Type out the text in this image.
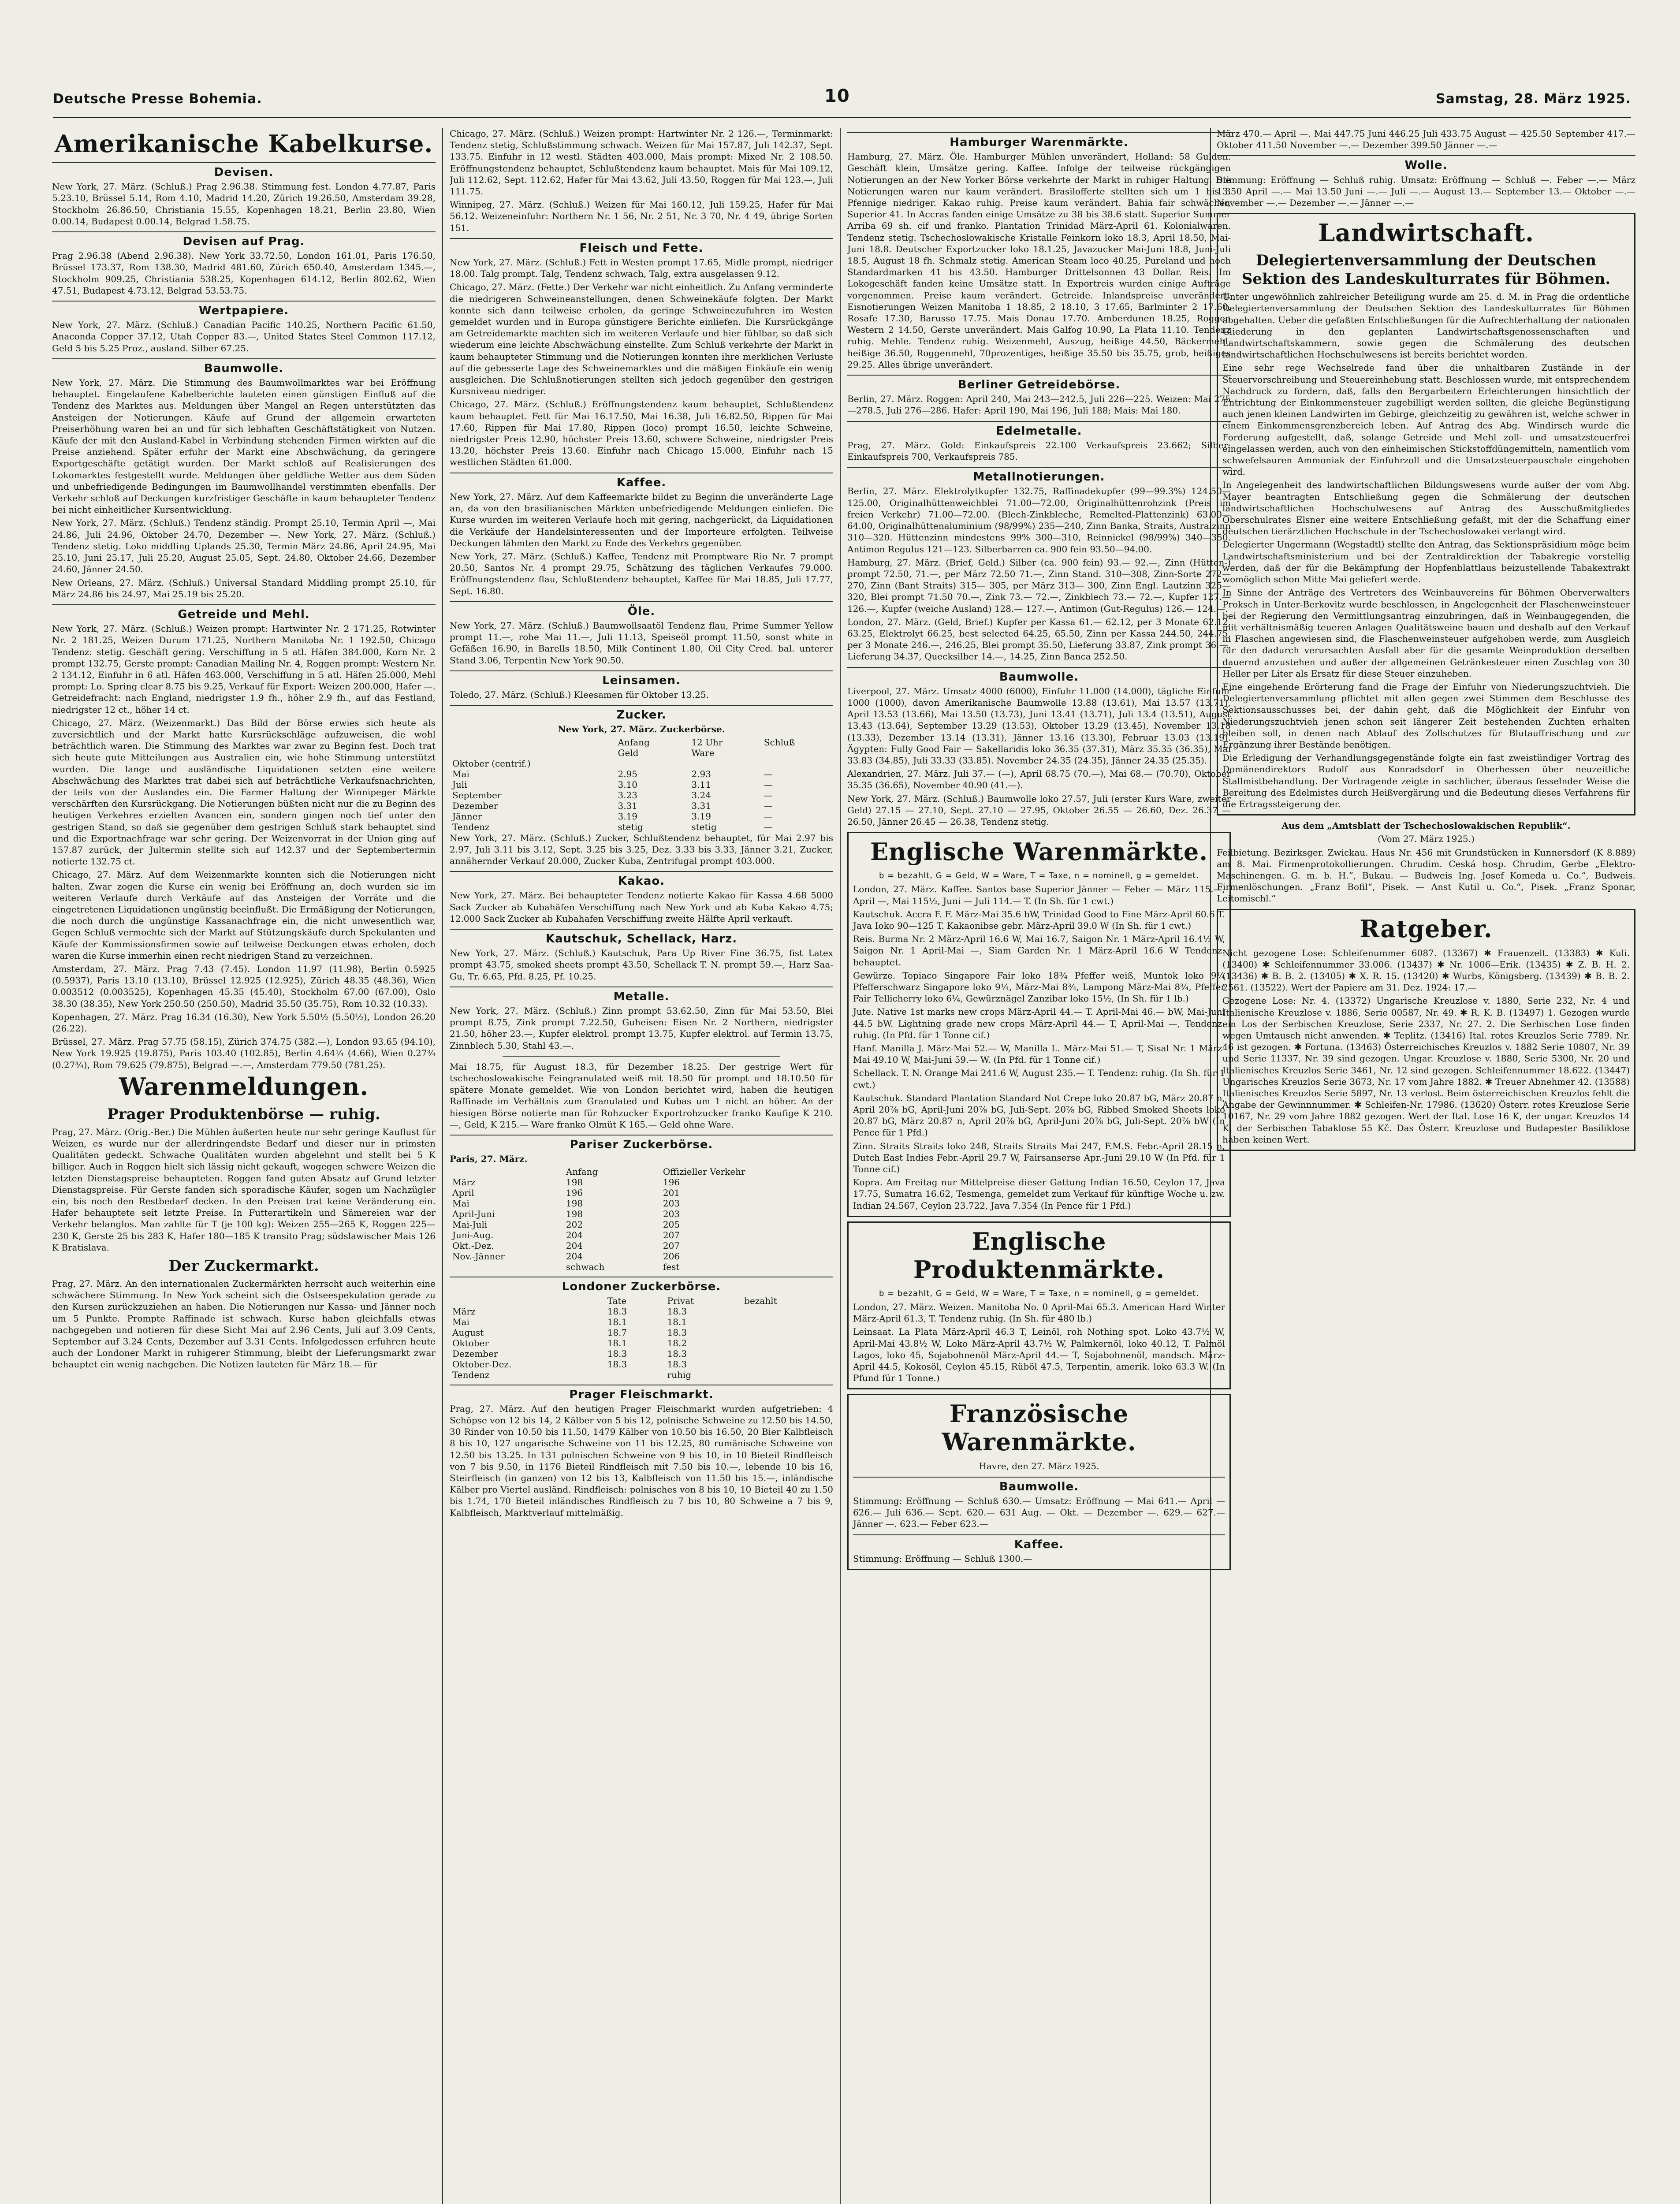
Deutsche Presse Bohemia.	10	Samstag, 28. März 1925.
Amerikanische Kabelkurse.
Devisen.

New York, 27. März. (Schluß.) Prag 2.96.38. Stimmung fest. London 4.77.87, Paris 5.23.10, Brüssel 5.14, Rom 4.10, Madrid 14.20, Zürich 19.26.50, Amsterdam 39.28, Stockholm 26.86.50, Christiania 15.55, Kopenhagen 18.21, Berlin 23.80, Wien 0.00.14, Budapest 0.00.14, Belgrad 1.58.75.

Devisen auf Prag.

Prag 2.96.38 (Abend 2.96.38). New York 33.72.50, London 161.01, Paris 176.50, Brüssel 173.37, Rom 138.30, Madrid 481.60, Zürich 650.40, Amsterdam 1345.—, Stockholm 909.25, Christiania 538.25, Kopenhagen 614.12, Berlin 802.62, Wien 47.51, Budapest 4.73.12, Belgrad 53.53.75.

Wertpapiere.

New York, 27. März. (Schluß.) Canadian Pacific 140.25, Northern Pacific 61.50, Anaconda Copper 37.12, Utah Copper 83.—, United States Steel Common 117.12, Geld 5 bis 5.25 Proz., ausland. Silber 67.25.

Baumwolle.

New York, 27. März. Die Stimmung des Baumwollmarktes war bei Eröffnung behauptet. Eingelaufene Kabelberichte lauteten einen günstigen Einfluß auf die Tendenz des Marktes aus. Meldungen über Mangel an Regen unterstützten das Ansteigen der Notierungen. Käufe auf Grund der allgemein erwarteten Preiserhöhung waren bei an und für sich lebhaften Geschäftstätigkeit von Nutzen. Käufe der mit den Ausland-Kabel in Verbindung stehenden Firmen wirkten auf die Preise anziehend. Später erfuhr der Markt eine Abschwächung, da geringere Exportgeschäfte getätigt wurden. Der Markt schloß auf Realisierungen des Lokomarktes festgestellt wurde. Meldungen über geldliche Wetter aus dem Süden und unbefriedigende Bedingungen im Baumwollhandel verstimmten ebenfalls. Der Verkehr schloß auf Deckungen kurzfristiger Geschäfte in kaum behaupteter Tendenz bei nicht einheitlicher Kursentwicklung.

New York, 27. März. (Schluß.) Tendenz ständig. Prompt 25.10, Termin April —, Mai 24.86, Juli 24.96, Oktober 24.70, Dezember —. New York, 27. März. (Schluß.) Tendenz stetig. Loko middling Uplands 25.30, Termin März 24.86, April 24.95, Mai 25.10, Juni 25.17, Juli 25.20, August 25.05, Sept. 24.80, Oktober 24.66, Dezember 24.60, Jänner 24.50.

New Orleans, 27. März. (Schluß.) Universal Standard Middling prompt 25.10, für März 24.86 bis 24.97, Mai 25.19 bis 25.20.

Getreide und Mehl.

New York, 27. März. (Schluß.) Weizen prompt: Hartwinter Nr. 2 171.25, Rotwinter Nr. 2 181.25, Weizen Durum 171.25, Northern Manitoba Nr. 1 192.50, Chicago Tendenz: stetig. Geschäft gering. Verschiffung in 5 atl. Häfen 384.000, Korn Nr. 2 prompt 132.75, Gerste prompt: Canadian Mailing Nr. 4, Roggen prompt: Western Nr. 2 134.12, Einfuhr in 6 atl. Häfen 463.000, Verschiffung in 5 atl. Häfen 25.000, Mehl prompt: Lo. Spring clear 8.75 bis 9.25, Verkauf für Export: Weizen 200.000, Hafer —. Getreidefracht: nach England, niedrigster 1.9 fh., höher 2.9 fh., auf das Festland, niedrigster 12 ct., höher 14 ct.

Chicago, 27. März. (Weizenmarkt.) Das Bild der Börse erwies sich heute als zuversichtlich und der Markt hatte Kursrückschläge aufzuweisen, die wohl beträchtlich waren. Die Stimmung des Marktes war zwar zu Beginn fest. Doch trat sich heute gute Mitteilungen aus Australien ein, wie hohe Stimmung unterstützt wurden. Die lange und ausländische Liquidationen setzten eine weitere Abschwächung des Marktes trat dabei sich auf beträchtliche Verkaufsnachrichten, der teils von der Auslandes ein. Die Farmer Haltung der Winnipeger Märkte verschärften den Kursrückgang. Die Notierungen büßten nicht nur die zu Beginn des heutigen Verkehres erzielten Avancen ein, sondern gingen noch tief unter den gestrigen Stand, so daß sie gegenüber dem gestrigen Schluß stark behauptet sind und die Exportnachfrage war sehr gering. Der Weizenvorrat in der Union ging auf 157.87 zurück, der Jultermin stellte sich auf 142.37 und der Septembertermin notierte 132.75 ct.

Chicago, 27. März. Auf dem Weizenmarkte konnten sich die Notierungen nicht halten. Zwar zogen die Kurse ein wenig bei Eröffnung an, doch wurden sie im weiteren Verlaufe durch Verkäufe auf das Ansteigen der Vorräte und die eingetretenen Liquidationen ungünstig beeinflußt. Die Ermäßigung der Notierungen, die noch durch die ungünstige Kassanachfrage ein, die nicht unwesentlich war, Gegen Schluß vermochte sich der Markt auf Stützungskäufe durch Spekulanten und Käufe der Kommissionsfirmen sowie auf teilweise Deckungen etwas erholen, doch waren die Kurse immerhin einen recht niedrigen Stand zu verzeichnen.

Amsterdam, 27. März. Prag 7.43 (7.45). London 11.97 (11.98), Berlin 0.5925 (0.5937), Paris 13.10 (13.10), Brüssel 12.925 (12.925), Zürich 48.35 (48.36), Wien 0.003512 (0.003525), Kopenhagen 45.35 (45.40), Stockholm 67.00 (67.00), Oslo 38.30 (38.35), New York 250.50 (250.50), Madrid 35.50 (35.75), Rom 10.32 (10.33).

Kopenhagen, 27. März. Prag 16.34 (16.30), New York 5.50½ (5.50½), London 26.20 (26.22).

Brüssel, 27. März. Prag 57.75 (58.15), Zürich 374.75 (382.—), London 93.65 (94.10), New York 19.925 (19.875), Paris 103.40 (102.85), Berlin 4.64¼ (4.66), Wien 0.27¾ (0.27¾), Rom 79.625 (79.875), Belgrad —.—, Amsterdam 779.50 (781.25).

Warenmeldungen.
Prager Produktenbörse — ruhig.

Prag, 27. März. (Orig.-Ber.) Die Mühlen äußerten heute nur sehr geringe Kauflust für Weizen, es wurde nur der allerdringendste Bedarf und dieser nur in primsten Qualitäten gedeckt. Schwache Qualitäten wurden abgelehnt und stellt bei 5 K billiger. Auch in Roggen hielt sich lässig nicht gekauft, wogegen schwere Weizen die letzten Dienstagspreise behaupteten. Roggen fand guten Absatz auf Grund letzter Dienstagspreise. Für Gerste fanden sich sporadische Käufer, sogen um Nachzügler ein, bis noch den Restbedarf decken. In den Preisen trat keine Veränderung ein. Hafer behauptete seit letzte Preise. In Futterartikeln und Sämereien war der Verkehr belanglos. Man zahlte für T (je 100 kg): Weizen 255—265 K, Roggen 225—230 K, Gerste 25 bis 283 K, Hafer 180—185 K transito Prag; südslawischer Mais 126 K Bratislava.

Der Zuckermarkt.

Prag, 27. März. An den internationalen Zuckermärkten herrscht auch weiterhin eine schwächere Stimmung. In New York scheint sich die Ostseespekulation gerade zu den Kursen zurückzuziehen an haben. Die Notierungen nur Kassa- und Jänner noch um 5 Punkte. Prompte Raffinade ist schwach. Kurse haben gleichfalls etwas nachgegeben und notieren für diese Sicht Mai auf 2.96 Cents, Juli auf 3.09 Cents, September auf 3.24 Cents, Dezember auf 3.31 Cents. Infolgedessen erfuhren heute auch der Londoner Markt in ruhigerer Stimmung, bleibt der Lieferungsmarkt zwar behauptet ein wenig nachgeben. Die Notizen lauteten für März 18.— für

Chicago, 27. März. (Schluß.) Weizen prompt: Hartwinter Nr. 2 126.—, Terminmarkt: Tendenz stetig, Schlußstimmung schwach. Weizen für Mai 157.87, Juli 142.37, Sept. 133.75. Einfuhr in 12 westl. Städten 403.000, Mais prompt: Mixed Nr. 2 108.50. Eröffnungstendenz behauptet, Schlußtendenz kaum behauptet. Mais für Mai 109.12, Juli 112.62, Sept. 112.62, Hafer für Mai 43.62, Juli 43.50, Roggen für Mai 123.—, Juli 111.75.

Winnipeg, 27. März. (Schluß.) Weizen für Mai 160.12, Juli 159.25, Hafer für Mai 56.12. Weizeneinfuhr: Northern Nr. 1 56, Nr. 2 51, Nr. 3 70, Nr. 4 49, übrige Sorten 151.

Fleisch und Fette.

New York, 27. März. (Schluß.) Fett in Westen prompt 17.65, Midle prompt, niedriger 18.00. Talg prompt. Talg, Tendenz schwach, Talg, extra ausgelassen 9.12.

Chicago, 27. März. (Fette.) Der Verkehr war nicht einheitlich. Zu Anfang verminderte die niedrigeren Schweineanstellungen, denen Schweinekäufe folgten. Der Markt konnte sich dann teilweise erholen, da geringe Schweinezufuhren im Westen gemeldet wurden und in Europa günstigere Berichte einliefen. Die Kursrückgänge am Getreidemarkte machten sich im weiteren Verlaufe und hier fühlbar, so daß sich wiederum eine leichte Abschwächung einstellte. Zum Schluß verkehrte der Markt in kaum behaupteter Stimmung und die Notierungen konnten ihre merklichen Verluste auf die gebesserte Lage des Schweinemarktes und die mäßigen Einkäufe ein wenig ausgleichen. Die Schlußnotierungen stellten sich jedoch gegenüber den gestrigen Kursniveau niedriger.

Chicago, 27. März. (Schluß.) Eröffnungstendenz kaum behauptet, Schlußtendenz kaum behauptet. Fett für Mai 16.17.50, Mai 16.38, Juli 16.82.50, Rippen für Mai 17.60, Rippen für Mai 17.80, Rippen (loco) prompt 16.50, leichte Schweine, niedrigster Preis 12.90, höchster Preis 13.60, schwere Schweine, niedrigster Preis 13.20, höchster Preis 13.60. Einfuhr nach Chicago 15.000, Einfuhr nach 15 westlichen Städten 61.000.

Kaffee.

New York, 27. März. Auf dem Kaffeemarkte bildet zu Beginn die unveränderte Lage an, da von den brasilianischen Märkten unbefriedigende Meldungen einliefen. Die Kurse wurden im weiteren Verlaufe hoch mit gering, nachgerückt, da Liquidationen die Verkäufe der Handelsinteressenten und der Importeure erfolgten. Teilweise Deckungen lähmten den Markt zu Ende des Verkehrs gegenüber.

New York, 27. März. (Schluß.) Kaffee, Tendenz mit Promptware Rio Nr. 7 prompt 20.50, Santos Nr. 4 prompt 29.75, Schätzung des täglichen Verkaufes 79.000. Eröffnungstendenz flau, Schlußtendenz behauptet, Kaffee für Mai 18.85, Juli 17.77, Sept. 16.80.

Öle.

New York, 27. März. (Schluß.) Baumwollsaatöl Tendenz flau, Prime Summer Yellow prompt 11.—, rohe Mai 11.—, Juli 11.13, Speiseöl prompt 11.50, sonst white in Gefäßen 16.90, in Barells 18.50, Milk Continent 1.80, Oil City Cred. bal. unterer Stand 3.06, Terpentin New York 90.50.

Leinsamen.

Toledo, 27. März. (Schluß.) Kleesamen für Oktober 13.25.

Zucker.

New York, 27. März. Zuckerbörse.

	Anfang	12 Uhr	Schluß
	Geld	Ware	
Oktober (centrif.)			
Mai	2.95	2.93	—
Juli	3.10	3.11	—
September	3.23	3.24	—
Dezember	3.31	3.31	—
Jänner	3.19	3.19	—
Tendenz	stetig	stetig	—

New York, 27. März. (Schluß.) Zucker, Schlußtendenz behauptet, für Mai 2.97 bis 2.97, Juli 3.11 bis 3.12, Sept. 3.25 bis 3.25, Dez. 3.33 bis 3.33, Jänner 3.21, Zucker, annähernder Verkauf 20.000, Zucker Kuba, Zentrifugal prompt 403.000.

Kakao.

New York, 27. März. Bei behaupteter Tendenz notierte Kakao für Kassa 4.68 5000 Sack Zucker ab Kubahäfen Verschiffung nach New York und ab Kuba Kakao 4.75; 12.000 Sack Zucker ab Kubahafen Verschiffung zweite Hälfte April verkauft.

Kautschuk, Schellack, Harz.

New York, 27. März. (Schluß.) Kautschuk, Para Up River Fine 36.75, fist Latex prompt 43.75, smoked sheets prompt 43.50, Schellack T. N. prompt 59.—, Harz Saa-Gu, Tr. 6.65, Pfd. 8.25, Pf. 10.25.

Metalle.

New York, 27. März. (Schluß.) Zinn prompt 53.62.50, Zinn für Mai 53.50, Blei prompt 8.75, Zink prompt 7.22.50, Guheisen: Eisen Nr. 2 Northern, niedrigster 21.50, höher 23.—, Kupfer elektrol. prompt 13.75, Kupfer elektrol. auf Termin 13.75, Zinnblech 5.30, Stahl 43.—.

Mai 18.75, für August 18.3, für Dezember 18.25. Der gestrige Wert für tschechoslowakische Feingranulated weiß mit 18.50 für prompt und 18.10.50 für spätere Monate gemeldet. Wie von London berichtet wird, haben die heutigen Raffinade im Verhältnis zum Granulated und Kubas um 1 nicht an höher. An der hiesigen Börse notierte man für Rohzucker Exportrohzucker franko Kaufige K 210.—, Geld, K 215.— Ware franko Olmüt K 165.— Geld ohne Ware.

Pariser Zuckerbörse.

Paris, 27. März.

	Anfang		Offizieller Verkehr
März	198		196
April	196		201
Mai	198		203
April-Juni	198		203
Mai-Juli	202		205
Juni-Aug.	204		207
Okt.-Dez.	204		207
Nov.-Jänner	204		206
	schwach		fest
Londoner Zuckerbörse.
	Tate	Privat	bezahlt
März	18.3	18.3	
Mai	18.1	18.1	
August	18.7	18.3	
Oktober	18.1	18.2	
Dezember	18.3	18.3	
Oktober-Dez.	18.3	18.3	
Tendenz		ruhig	
Prager Fleischmarkt.

Prag, 27. März. Auf den heutigen Prager Fleischmarkt wurden aufgetrieben: 4 Schöpse von 12 bis 14, 2 Kälber von 5 bis 12, polnische Schweine zu 12.50 bis 14.50, 30 Rinder von 10.50 bis 11.50, 1479 Kälber von 10.50 bis 16.50, 20 Bier Kalbfleisch 8 bis 10, 127 ungarische Schweine von 11 bis 12.25, 80 rumänische Schweine von 12.50 bis 13.25. In 131 polnischen Schweine von 9 bis 10, in 10 Bieteil Rindfleisch von 7 bis 9.50, in 1176 Bieteil Rindfleisch mit 7.50 bis 10.—, lebende 10 bis 16, Steirfleisch (in ganzen) von 12 bis 13, Kalbfleisch von 11.50 bis 15.—, inländische Kälber pro Viertel ausländ. Rindfleisch: polnisches von 8 bis 10, 10 Bieteil 40 zu 1.50 bis 1.74, 170 Bieteil inländisches Rindfleisch zu 7 bis 10, 80 Schweine a 7 bis 9, Kalbfleisch, Marktverlauf mittelmäßig.

Hamburger Warenmärkte.

Hamburg, 27. März. Öle. Hamburger Mühlen unverändert, Holland: 58 Gulden. Geschäft klein, Umsätze gering. Kaffee. Infolge der teilweise rückgängigen Notierungen an der New Yorker Börse verkehrte der Markt in ruhiger Haltung. Die Notierungen waren nur kaum verändert. Brasilofferte stellten sich um 1 bis 3 Pfennige niedriger. Kakao ruhig. Preise kaum verändert. Bahia fair schwächer, Superior 41. In Accras fanden einige Umsätze zu 38 bis 38.6 statt. Superior Summer Arriba 69 sh. cif und franko. Plantation Trinidad März-April 61. Kolonialwaren. Tendenz stetig. Tschechoslowakische Kristalle Feinkorn loko 18.3, April 18.50, Mai-Juni 18.8. Deutscher Exportzucker loko 18.1.25, Javazucker Mai-Juni 18.8, Juni-Juli 18.5, August 18 fh. Schmalz stetig. American Steam loco 40.25, Pureland und hoch Standardmarken 41 bis 43.50. Hamburger Drittelsonnen 43 Dollar. Reis. Im Lokogeschäft fanden keine Umsätze statt. In Exportreis wurden einige Aufträge vorgenommen. Preise kaum verändert. Getreide. Inlandspreise unverändert. Eisnotierungen Weizen Manitoba 1 18.85, 2 18.10, 3 17.65, Barlminter 2 17.60, Rosafe 17.30, Barusso 17.75. Mais Donau 17.70. Amberdunen 18.25, Roggen Western 2 14.50, Gerste unverändert. Mais Galfog 10.90, La Plata 11.10. Tendenz ruhig. Mehle. Tendenz ruhig. Weizenmehl, Auszug, heißige 44.50, Bäckermehl, heißige 36.50, Roggenmehl, 70prozentiges, heißige 35.50 bis 35.75, grob, heißiges 29.25. Alles übrige unverändert.

Berliner Getreidebörse.

Berlin, 27. März. Roggen: April 240, Mai 243—242.5, Juli 226—225. Weizen: Mai 275—278.5, Juli 276—286. Hafer: April 190, Mai 196, Juli 188; Mais: Mai 180.

Edelmetalle.

Prag, 27. März. Gold: Einkaufspreis 22.100 Verkaufspreis 23.662; Silber: Einkaufspreis 700, Verkaufspreis 785.

Metallnotierungen.

Berlin, 27. März. Elektrolytkupfer 132.75, Raffinadekupfer (99—99.3%) 124.50—125.00, Originalhüttenweichblei 71.00—72.00, Originalhüttenrohzink (Preis im freien Verkehr) 71.00—72.00. (Blech-Zinkbleche, Remelted-Plattenzink) 63.00—64.00, Originalhüttenaluminium (98/99%) 235—240, Zinn Banka, Straits, Australzinn 310—320. Hüttenzinn mindestens 99% 300—310, Reinnickel (98/99%) 340—350. Antimon Regulus 121—123. Silberbarren ca. 900 fein 93.50—94.00.

Hamburg, 27. März. (Brief, Geld.) Silber (ca. 900 fein) 93.— 92.—, Zinn (Hütten-) prompt 72.50, 71.—, per März 72.50 71.—, Zinn Stand. 310—308, Zinn-Sorte 272—270, Zinn (Bant Straits) 315— 305, per März 313— 300, Zinn Engl. Lautzinn 325— 320, Blei prompt 71.50 70.—, Zink 73.— 72.—, Zinkblech 73.— 72.—, Kupfer 127.— 126.—, Kupfer (weiche Ausland) 128.— 127.—, Antimon (Gut-Regulus) 126.— 124.—.

London, 27. März. (Geld, Brief.) Kupfer per Kassa 61.— 62.12, per 3 Monate 62.12, 63.25, Elektrolyt 66.25, best selected 64.25, 65.50, Zinn per Kassa 244.50, 244.75, per 3 Monate 246.—, 246.25, Blei prompt 35.50, Lieferung 33.87, Zink prompt 36.—, Lieferung 34.37, Quecksilber 14.—, 14.25, Zinn Banca 252.50.

Baumwolle.

Liverpool, 27. März. Umsatz 4000 (6000), Einfuhr 11.000 (14.000), tägliche Einfuhr 1000 (1000), davon Amerikanische Baumwolle 13.88 (13.61), Mai 13.57 (13.71), April 13.53 (13.66), Mai 13.50 (13.73), Juni 13.41 (13.71), Juli 13.4 (13.51), August 13.43 (13.64), September 13.29 (13.53), Oktober 13.29 (13.45), November 13.18 (13.33), Dezember 13.14 (13.31), Jänner 13.16 (13.30), Februar 13.03 (13.19). Ägypten: Fully Good Fair — Sakellaridis loko 36.35 (37.31), März 35.35 (36.35), Mai 33.83 (34.85), Juli 33.33 (33.85). November 24.35 (24.35), Jänner 24.35 (25.35).

Alexandrien, 27. März. Juli 37.— (—), April 68.75 (70.—), Mai 68.— (70.70), Oktober 35.35 (36.65), November 40.90 (41.—).

New York, 27. März. (Schluß.) Baumwolle loko 27.57, Juli (erster Kurs Ware, zweiter Geld) 27.15 — 27.10, Sept. 27.10 — 27.95, Oktober 26.55 — 26.60, Dez. 26.37 — 26.50, Jänner 26.45 — 26.38, Tendenz stetig.

Englische Warenmärkte.

b = bezahlt, G = Geld, W = Ware, T = Taxe, n = nominell, g = gemeldet.

London, 27. März. Kaffee. Santos base Superior Jänner — Feber — März 115.—, April —, Mai 115½, Juni — Juli 114.— T. (In Sh. für 1 cwt.)

Kautschuk. Accra F. F. März-Mai 35.6 bW, Trinidad Good to Fine März-April 60.6 T. Java Ioko 90—125 T. Kakaonibse gebr. März-April 39.0 W (In Sh. für 1 cwt.)

Reis. Burma Nr. 2 März-April 16.6 W, Mai 16.7, Saigon Nr. 1 März-April 16.4½ W, Saigon Nr. 1 April-Mai —, Siam Garden Nr. 1 März-April 16.6 W Tendenz: behauptet.

Gewürze. Topiaco Singapore Fair loko 18¾ Pfeffer weiß, Muntok loko 9¼ Pfefferschwarz Singapore loko 9¼, März-Mai 8¾, Lampong März-Mai 8¾, Pfeffer Fair Tellicherry loko 6¼, Gewürznägel Zanzibar loko 15½, (In Sh. für 1 lb.)

Jute. Native 1st marks new crops März-April 44.— T. April-Mai 46.— bW, Mai-Juni 44.5 bW. Lightning grade new crops März-April 44.— T, April-Mai —, Tendenz: ruhig. (In Pfd. für 1 Tonne cif.)

Hanf. Manilla J. März-Mai 52.— W, Manilla L. März-Mai 51.— T, Sisal Nr. 1 März-Mai 49.10 W, Mai-Juni 59.— W. (In Pfd. für 1 Tonne cif.)

Schellack. T. N. Orange Mai 241.6 W, August 235.— T. Tendenz: ruhig. (In Sh. für 1 cwt.)

Kautschuk. Standard Plantation Standard Not Crepe loko 20.87 bG, März 20.87 n, April 20⅞ bG, April-Juni 20⅞ bG, Juli-Sept. 20⅞ bG, Ribbed Smoked Sheets loko 20.87 bG, März 20.87 n, April 20⅞ bG, April-Juni 20⅞ bG, Juli-Sept. 20⅞ bW (In Pence für 1 Pfd.)

Zinn. Straits Straits loko 248, Straits Straits Mai 247, F.M.S. Febr.-April 28.15 n, Dutch East Indies Febr.-April 29.7 W, Fairsanserse Apr.-Juni 29.10 W (In Pfd. für 1 Tonne cif.)

Kopra. Am Freitag nur Mittelpreise dieser Gattung Indian 16.50, Ceylon 17, Java 17.75, Sumatra 16.62, Tesmenga, gemeldet zum Verkauf für künftige Woche u. zw. Indian 24.567, Ceylon 23.722, Java 7.354 (In Pence für 1 Pfd.)

Englische Produktenmärkte.

b = bezahlt, G = Geld, W = Ware, T = Taxe, n = nominell, g = gemeldet.

London, 27. März. Weizen. Manitoba No. 0 April-Mai 65.3. American Hard Winter März-April 61.3, T. Tendenz ruhig. (In Sh. für 480 lb.)

Leinsaat. La Plata März-April 46.3 T, Leinöl, roh Nothing spot. Loko 43.7½ W, April-Mai 43.8½ W, Loko März-April 43.7½ W, Palmkernöl, loko 40.12, T. Palmöl Lagos, loko 45, Sojabohnenöl März-April 44.— T, Sojabohnenöl, mandsch. März-April 44.5, Kokosöl, Ceylon 45.15, Rüböl 47.5, Terpentin, amerik. loko 63.3 W. (In Pfund für 1 Tonne.)

Französische Warenmärkte.

Havre, den 27. März 1925.

Baumwolle.

Stimmung: Eröffnung — Schluß 630.— Umsatz: Eröffnung — Mai 641.— April — 626.— Juli 636.— Sept. 620.— 631 Aug. — Okt. — Dezember —. 629.— 627.— Jänner —. 623.— Feber 623.—

Kaffee.

Stimmung: Eröffnung — Schluß 1300.—

März 470.— April —. Mai 447.75 Juni 446.25 Juli 433.75 August — 425.50 September 417.— Oktober 411.50 November —.— Dezember 399.50 Jänner —.—

Wolle.

Stimmung: Eröffnung — Schluß ruhig. Umsatz: Eröffnung — Schluß —. Feber —.— März 13.50 April —.— Mai 13.50 Juni —.— Juli —.— August 13.— September 13.— Oktober —.— November —.— Dezember —.— Jänner —.—

Landwirtschaft.
Delegiertenversammlung der Deutschen Sektion des Landeskulturrates für Böhmen.

Unter ungewöhnlich zahlreicher Beteiligung wurde am 25. d. M. in Prag die ordentliche Delegiertenversammlung der Deutschen Sektion des Landeskulturrates für Böhmen abgehalten. Ueber die gefaßten Entschließungen für die Aufrechterhaltung der nationalen Gliederung in den geplanten Landwirtschaftsgenossenschaften und Landwirtschaftskammern, sowie gegen die Schmälerung des deutschen landwirtschaftlichen Hochschulwesens ist bereits berichtet worden.

Eine sehr rege Wechselrede fand über die unhaltbaren Zustände in der Steuervorschreibung und Steuereinhebung statt. Beschlossen wurde, mit entsprechendem Nachdruck zu fordern, daß, falls den Bergarbeitern Erleichterungen hinsichtlich der Entrichtung der Einkommensteuer zugebilligt werden sollten, die gleiche Begünstigung auch jenen kleinen Landwirten im Gebirge, gleichzeitig zu gewähren ist, welche schwer in einem Einkommensgrenzbereich leben. Auf Antrag des Abg. Windirsch wurde die Forderung aufgestellt, daß, solange Getreide und Mehl zoll- und umsatzsteuerfrei eingelassen werden, auch von den einheimischen Stickstoffdüngemitteln, namentlich vom schwefelsauren Ammoniak der Einfuhrzoll und die Umsatzsteuerpauschale eingehoben wird.

In Angelegenheit des landwirtschaftlichen Bildungswesens wurde außer der vom Abg. Mayer beantragten Entschließung gegen die Schmälerung der deutschen landwirtschaftlichen Hochschulwesens auf Antrag des Ausschußmitgliedes Oberschulrates Elsner eine weitere Entschließung gefaßt, mit der die Schaffung einer deutschen tierärztlichen Hochschule in der Tschechoslowakei verlangt wird.

Delegierter Ungermann (Wegstadtl) stellte den Antrag, das Sektionspräsidium möge beim Landwirtschaftsministerium und bei der Zentraldirektion der Tabakregie vorstellig werden, daß der für die Bekämpfung der Hopfenblattlaus beizustellende Tabakextrakt womöglich schon Mitte Mai geliefert werde.

In Sinne der Anträge des Vertreters des Weinbauvereins für Böhmen Oberverwalters Proksch in Unter-Berkovitz wurde beschlossen, in Angelegenheit der Flaschenweinsteuer bei der Regierung den Vermittlungsantrag einzubringen, daß in Weinbaugegenden, die mit verhältnismäßig teueren Anlagen Qualitätsweine bauen und deshalb auf den Verkauf in Flaschen angewiesen sind, die Flaschenweinsteuer aufgehoben werde, zum Ausgleich für den dadurch verursachten Ausfall aber für die gesamte Weinproduktion derselben dauernd anzustehen und außer der allgemeinen Getränkesteuer einen Zuschlag von 30 Heller per Liter als Ersatz für diese Steuer einzuheben.

Eine eingehende Erörterung fand die Frage der Einfuhr von Niederungszuchtvieh. Die Delegiertenversammlung pflichtet mit allen gegen zwei Stimmen dem Beschlusse des Sektionsausschusses bei, der dahin geht, daß die Möglichkeit der Einfuhr von Niederungszuchtvieh jenen schon seit längerer Zeit bestehenden Zuchten erhalten bleiben soll, in denen nach Ablauf des Zollschutzes für Blutauffrischung und zur Ergänzung ihrer Bestände benötigen.

Die Erledigung der Verhandlungsgegenstände folgte ein fast zweistündiger Vortrag des Domänendirektors Rudolf aus Konradsdorf in Oberhessen über neuzeitliche Stallmistbehandlung. Der Vortragende zeigte in sachlicher, überaus fesselnder Weise die Bereitung des Edelmistes durch Heißvergärung und die Bedeutung dieses Verfahrens für die Ertragssteigerung der.

Aus dem „Amtsblatt der Tschechoslowakischen Republik“.

(Vom 27. März 1925.)

Feilbietung. Bezirksger. Zwickau. Haus Nr. 456 mit Grundstücken in Kunnersdorf (K 8.889) am 8. Mai. Firmenprotokollierungen. Chrudim. Ceská hosp. Chrudim, Gerbe „Elektro-Maschinengen. G. m. b. H.“, Bukau. — Budweis Ing. Josef Komeda u. Co.“, Budweis. Firmenlöschungen. „Franz Bofil“, Pisek. — Anst Kutil u. Co.“, Pisek. „Franz Sponar, Leitomischl.“

Ratgeber.

Nicht gezogene Lose: Schleifenummer 6087. (13367) ✱ Frauenzelt. (13383) ✱ Kuli. (13400) ✱ Schleifennummer 33.006. (13437) ✱ Nr. 1006—Erik. (13435) ✱ Z. B. H. 2. (13436) ✱ B. B. 2. (13405) ✱ X. R. 15. (13420) ✱ Wurbs, Königsberg. (13439) ✱ B. B. 2. 2561. (13522). Wert der Papiere am 31. Dez. 1924: 17.—

Gezogene Lose: Nr. 4. (13372) Ungarische Kreuzlose v. 1880, Serie 232, Nr. 4 und Italienische Kreuzlose v. 1886, Serie 00587, Nr. 49. ✱ R. K. B. (13497) 1. Gezogen wurde ein Los der Serbischen Kreuzlose, Serie 2337, Nr. 27. 2. Die Serbischen Lose finden wegen Umtausch nicht anwenden. ✱ Teplitz. (13416) Ital. rotes Kreuzlos Serie 7789. Nr. 46 ist gezogen. ✱ Fortuna. (13463) Österreichisches Kreuzlos v. 1882 Serie 10807, Nr. 39 und Serie 11337, Nr. 39 sind gezogen. Ungar. Kreuzlose v. 1880, Serie 5300, Nr. 20 und Italienisches Kreuzlos Serie 3461, Nr. 12 sind gezogen. Schleifennummer 18.622. (13447) Ungarisches Kreuzlos Serie 3673, Nr. 17 vom Jahre 1882. ✱ Treuer Abnehmer 42. (13588) Italienisches Kreuzlos Serie 5897, Nr. 13 verlost. Beim österreichischen Kreuzlos fehlt die Angabe der Gewinnnummer. ✱ Schleifen-Nr. 17986. (13620) Österr. rotes Kreuzlose Serie 10167, Nr. 29 vom Jahre 1882 gezogen. Wert der Ital. Lose 16 K, der ungar. Kreuzlos 14 K, der Serbischen Tabaklose 55 Kč. Das Österr. Kreuzlose und Budapester Basiliklose haben keinen Wert.
